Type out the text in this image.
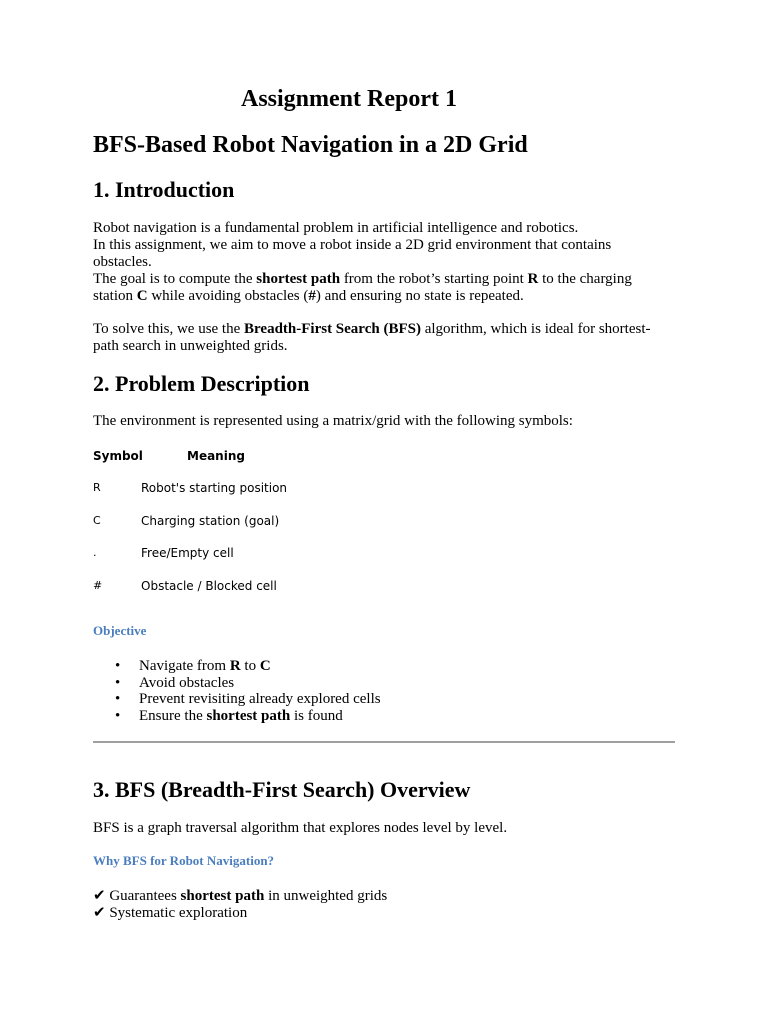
Assignment Report 1
BFS-Based Robot Navigation in a 2D Grid
1. Introduction

Robot navigation is a fundamental problem in artificial intelligence and robotics.
In this assignment, we aim to move a robot inside a 2D grid environment that contains
obstacles.
The goal is to compute the shortest path from the robot’s starting point R to the charging
station C while avoiding obstacles (#) and ensuring no state is repeated.

To solve this, we use the Breadth-First Search (BFS) algorithm, which is ideal for shortest-
path search in unweighted grids.

2. Problem Description

The environment is represented using a matrix/grid with the following symbols:

Symbol	Meaning
R	Robot's starting position
C	Charging station (goal)
.	Free/Empty cell
#	Obstacle / Blocked cell
Objective
• Navigate from R to C
• Avoid obstacles
• Prevent revisiting already explored cells
• Ensure the shortest path is found
3. BFS (Breadth-First Search) Overview

BFS is a graph traversal algorithm that explores nodes level by level.

Why BFS for Robot Navigation?
✔ Guarantees shortest path in unweighted grids
✔ Systematic exploration
